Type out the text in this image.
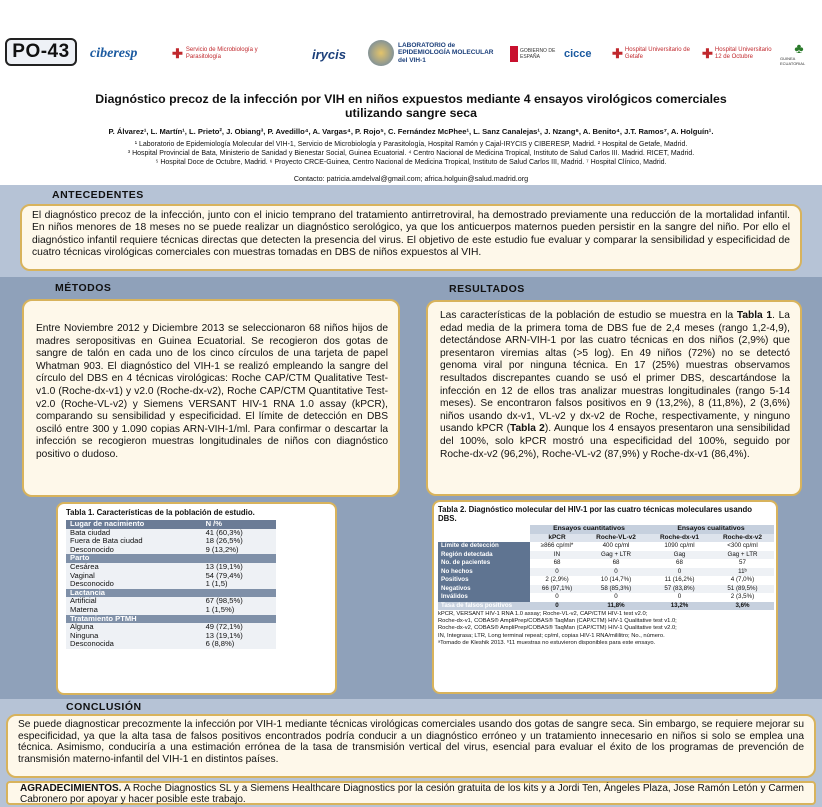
PO-43	ciberesp	✚ Servicio de Microbiología y Parasitología	irycis
LABORATORIO de EPIDEMIOLOGÍA MOLECULAR del VIH-1
GOBIERNO DE ESPAÑA	cicce ✚ Hospital Universitario de Getafe	✚ Hospital Universitario 12 de Octubre
♣
GUINEA ECUATORIAL
Diagnóstico precoz de la infección por VIH en niños expuestos mediante 4 ensayos virológicos comerciales
utilizando sangre seca
P. Álvarez¹, L. Martín¹, L. Prieto², J. Obiang³, P. Avedillo⁴, A. Vargas⁴, P. Rojo⁵, C. Fernández McPhee¹, L. Sanz Canalejas¹, J. Nzang⁶, A. Benito⁴, J.T. Ramos⁷, A. Holguín¹.
¹ Laboratorio de Epidemiología Molecular del VIH-1, Servicio de Microbiología y Parasitología, Hospital Ramón y Cajal-IRYCIS y CIBERESP, Madrid. ² Hospital de Getafe, Madrid.
³ Hospital Provincial de Bata, Ministerio de Sanidad y Bienestar Social, Guinea Ecuatorial. ⁴ Centro Nacional de Medicina Tropical, Instituto de Salud Carlos III. Madrid. RICET, Madrid.
⁵ Hospital Doce de Octubre, Madrid. ⁶ Proyecto CRCE-Guinea, Centro Nacional de Medicina Tropical, Instituto de Salud Carlos III, Madrid. ⁷ Hospital Clínico, Madrid.
Contacto: patricia.amdelval@gmail.com; africa.holguin@salud.madrid.org
ANTECEDENTES
El diagnóstico precoz de la infección, junto con el inicio temprano del tratamiento antirretroviral, ha demostrado previamente una reducción de la mortalidad infantil. En niños menores de 18 meses no se puede realizar un diagnóstico serológico, ya que los anticuerpos maternos pueden persistir en la sangre del niño. Por ello el diagnóstico infantil requiere técnicas directas que detecten la presencia del virus. El objetivo de este estudio fue evaluar y comparar la sensibilidad y especificidad de cuatro técnicas virológicas comerciales con muestras tomadas en DBS de niños expuestos al VIH.
MÉTODOS
Entre Noviembre 2012 y Diciembre 2013 se seleccionaron 68 niños hijos de madres seropositivas en Guinea Ecuatorial. Se recogieron dos gotas de sangre de talón en cada uno de los cinco círculos de una tarjeta de papel Whatman 903. El diagnóstico del VIH-1 se realizó empleando la sangre del círculo del DBS en 4 técnicas virológicas: Roche CAP/CTM Qualitative Test-v1.0 (Roche-dx-v1) y v2.0 (Roche-dx-v2), Roche CAP/CTM Quantitative Test-v2.0 (Roche-VL-v2) y Siemens VERSANT HIV-1 RNA 1.0 assay (kPCR), comparando su sensibilidad y especificidad. El límite de detección en DBS osciló entre 300 y 1.090 copias ARN-VIH-1/ml. Para confirmar o descartar la infección se recogieron muestras longitudinales de niños con diagnóstico positivo o dudoso.
RESULTADOS
Las características de la población de estudio se muestra en la Tabla 1. La edad media de la primera toma de DBS fue de 2,4 meses (rango 1,2-4,9), detectándose ARN-VIH-1 por las cuatro técnicas en dos niños (2,9%) que presentaron viremias altas (>5 log). En 49 niños (72%) no se detectó genoma viral por ninguna técnica. En 17 (25%) muestras observamos resultados discrepantes cuando se usó el primer DBS, descartándose la infección en 12 de ellos tras analizar muestras longitudinales (rango 5-14 meses). Se encontraron falsos positivos en 9 (13,2%), 8 (11,8%), 2 (3,6%) niños usando dx-v1, VL-v2 y dx-v2 de Roche, respectivamente, y ninguno usando kPCR (Tabla 2). Aunque los 4 ensayos presentaron una sensibilidad del 100%, solo kPCR mostró una especificidad del 100%, seguido por Roche-dx-v2 (96,2%), Roche-VL-v2 (87,9%) y Roche-dx-v1 (86,4%).
Tabla 1. Características de la población de estudio.
Lugar de nacimiento	N /%
Bata ciudad	41 (60,3%)
Fuera de Bata ciudad	18 (26,5%)
Desconocido	9 (13,2%)
Parto	
Cesárea	13 (19,1%)
Vaginal	54 (79,4%)
Desconocido	1 (1,5)
Lactancia	
Artificial	67 (98,5%)
Materna	1 (1,5%)
Tratamiento PTMH	
Alguna	49 (72,1%)
Ninguna	13 (19,1%)
Desconocida	6 (8,8%)
Tabla 2. Diagnóstico molecular del HIV-1 por las cuatro técnicas moleculares usando DBS.
	Ensayos cuantitativos		Ensayos cualitativos	
	kPCR	Roche-VL-v2	Roche-dx-v1	Roche-dx-v2
Límite de detección	≥866 cp/ml*	400 cp/ml	1090 cp/ml	<300 cp/ml
Región detectada	IN	Gag + LTR	Gag	Gag + LTR
No. de pacientes	68	68	68	57
No hechos	0	0	0	11ᵇ
Positivos	2 (2,9%)	10 (14,7%)	11 (16,2%)	4 (7,0%)
Negativos	66 (97,1%)	58 (85,3%)	57 (83,8%)	51 (89,5%)
Inválidos	0	0	0	2 (3,5%)
Tasa de falsos positivos	0	11,8%	13,2%	3,6%
kPCR, VERSANT HIV-1 RNA 1.0 assay; Roche-VL-v2, CAP/CTM HIV-1 test v2.0;
Roche-dx-v1, COBAS® AmpliPrep/COBAS® TaqMan (CAP/CTM) HIV-1 Qualitative test v1.0;
Roche-dx-v2, COBAS® AmpliPrep/COBAS® TaqMan (CAP/CTM) HIV-1 Qualitative test v2.0;
IN, Integrasa; LTR, Long terminal repeat; cp/ml, copias HIV-1 RNA/mililitro; No., número.
ᵃTomado de Kleshik 2013. ᵇ11 muestras no estuvieron disponibles para este ensayo.
CONCLUSIÓN
Se puede diagnosticar precozmente la infección por VIH-1 mediante técnicas virológicas comerciales usando dos gotas de sangre seca. Sin embargo, se requiere mejorar su especificidad, ya que la alta tasa de falsos positivos encontrados podría conducir a un diagnóstico erróneo y un tratamiento innecesario en niños si solo se emplea una técnica. Asimismo, conduciría a una estimación errónea de la tasa de transmisión vertical del virus, esencial para evaluar el éxito de los programas de prevención de transmisión materno-infantil del VIH-1 en distintos países.
AGRADECIMIENTOS. A Roche Diagnostics SL y a Siemens Healthcare Diagnostics por la cesión gratuita de los kits y a Jordi Ten, Ángeles Plaza, Jose Ramón Letón y Carmen Cabronero por apoyar y hacer posible este trabajo.
